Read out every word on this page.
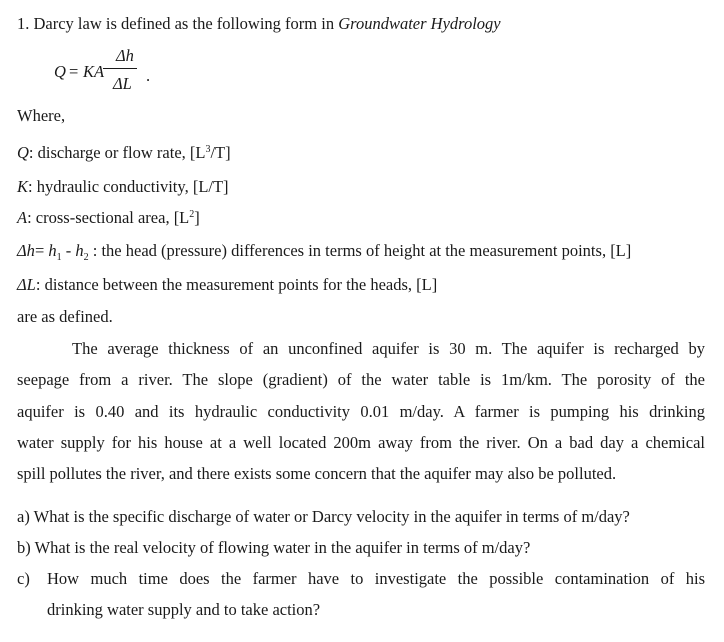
1. Darcy law is defined as the following form in Groundwater Hydrology
Q = KA
Δh
ΔL .
Where,
Q: discharge or flow rate, $[L^3/T]$
K: hydraulic conductivity, [L/T]
A: cross-sectional area, $[L^2]$
$\Delta h= h_1 - h_2$ : the head (pressure) differences in terms of height at the measurement points, [L]
ΔL: distance between the measurement points for the heads, [L]
are as defined.
The average thickness of an unconfined aquifer is 30 m. The aquifer is recharged by
seepage from a river. The slope (gradient) of the water table is 1m/km. The porosity of the
aquifer is 0.40 and its hydraulic conductivity 0.01 m/day. A farmer is pumping his drinking
water supply for his house at a well located 200m away from the river. On a bad day a chemical
spill pollutes the river, and there exists some concern that the aquifer may also be polluted.
a) What is the specific discharge of water or Darcy velocity in the aquifer in terms of m/day?
b) What is the real velocity of flowing water in the aquifer in terms of m/day?
c) How much time does the farmer have to investigate the possible contamination of his
drinking water supply and to take action?
